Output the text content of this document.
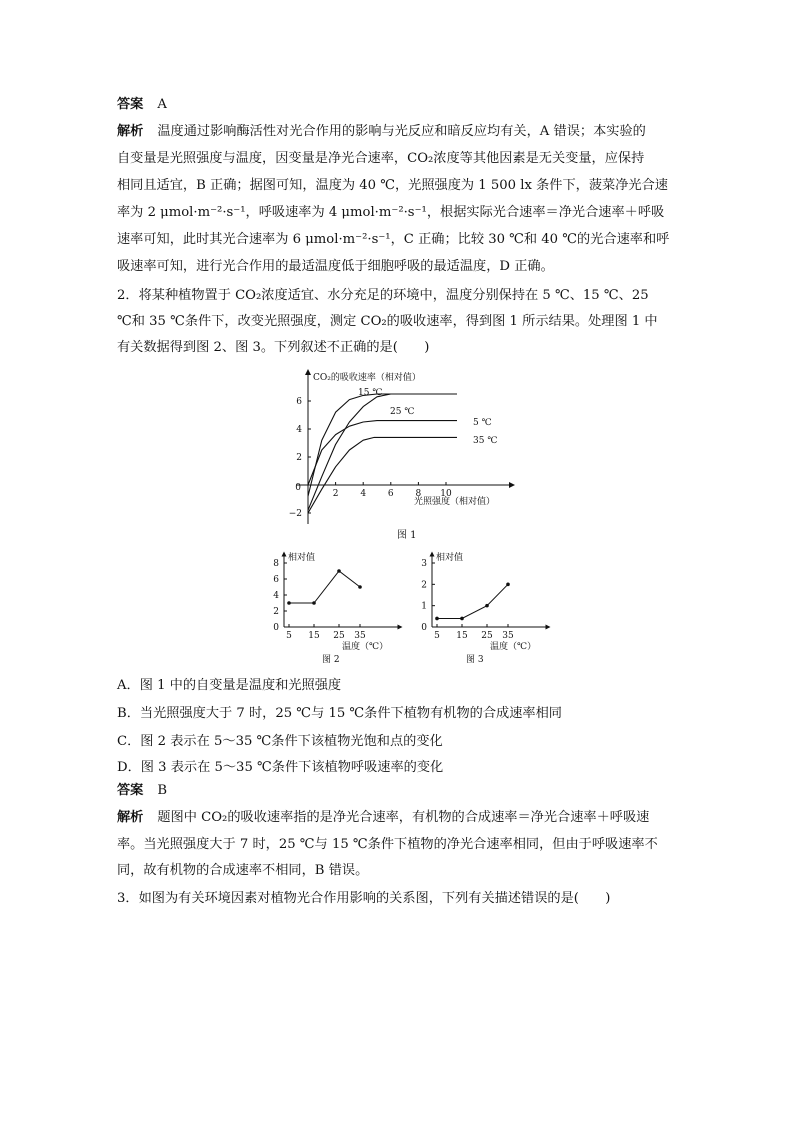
答案 A
解析 温度通过影响酶活性对光合作用的影响与光反应和暗反应均有关，A 错误；本实验的
自变量是光照强度与温度，因变量是净光合速率，CO₂浓度等其他因素是无关变量，应保持
相同且适宜，B 正确；据图可知，温度为 40 ℃，光照强度为 1 500 lx 条件下，菠菜净光合速
率为 2 μmol·m⁻²·s⁻¹，呼吸速率为 4 μmol·m⁻²·s⁻¹，根据实际光合速率＝净光合速率＋呼吸
速率可知，此时其光合速率为 6 μmol·m⁻²·s⁻¹，C 正确；比较 30 ℃和 40 ℃的光合速率和呼
吸速率可知，进行光合作用的最适温度低于细胞呼吸的最适温度，D 正确。
2．将某种植物置于 CO₂浓度适宜、水分充足的环境中，温度分别保持在 5 ℃、15 ℃、25
℃和 35 ℃条件下，改变光照强度，测定 CO₂的吸收速率，得到图 1 所示结果。处理图 1 中
有关数据得到图 2、图 3。下列叙述不正确的是(　　)
CO₂的吸收速率（相对值）
光照强度（相对值）
0
−2
2
4
6
2 4 6 8 10
15 ℃
25 ℃
5 ℃
35 ℃
图 1
相对值
温度（℃）
0
2
4
6
8
5 15 25 35
图 2
相对值
温度（℃）
0
1
2
3
5 15 25 35
图 3
A．图 1 中的自变量是温度和光照强度
B．当光照强度大于 7 时，25 ℃与 15 ℃条件下植物有机物的合成速率相同
C．图 2 表示在 5～35 ℃条件下该植物光饱和点的变化
D．图 3 表示在 5～35 ℃条件下该植物呼吸速率的变化
答案 B
解析 题图中 CO₂的吸收速率指的是净光合速率，有机物的合成速率＝净光合速率＋呼吸速
率。当光照强度大于 7 时，25 ℃与 15 ℃条件下植物的净光合速率相同，但由于呼吸速率不
同，故有机物的合成速率不相同，B 错误。
3．如图为有关环境因素对植物光合作用影响的关系图，下列有关描述错误的是(　　)
